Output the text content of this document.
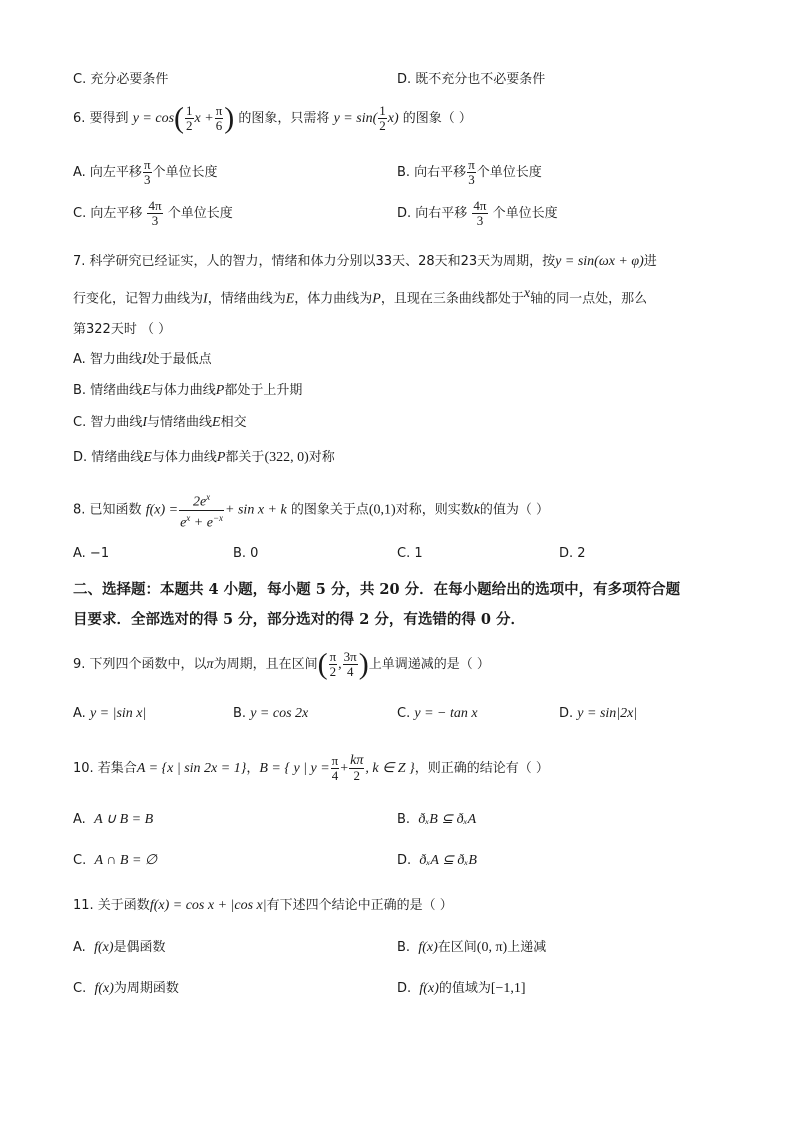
C. 充分必要条件	D. 既不充分也不必要条件
6. 要得到 $y = \cos( \frac{1}{2}$ $x + \frac{\pi}{6}$ ) 的图象，只需将 $y = \sin( \frac{1}{2} x)$ 的图象（ ）
A. 向左平移 $\frac{\pi}{3}$ 个单位长度	B. 向右平移 $\frac{\pi}{3}$ 个单位长度
C. 向左平移 $\frac{4\pi}{3}$ 个单位长度	D. 向右平移 $\frac{4\pi}{3}$ 个单位长度
7. 科学研究已经证实，人的智力，情绪和体力分别以33天、28天和23天为周期，按y = sin(ωx + φ)进
行变化，记智力曲线为I，情绪曲线为E，体力曲线为P，且现在三条曲线都处于$^x$轴的同一点处，那么
第322天时 （ ）
A. 智力曲线I处于最低点
B. 情绪曲线E与体力曲线P都处于上升期
C. 智力曲线I与情绪曲线E相交
D. 情绪曲线E与体力曲线P都关于(322, 0)对称
8. 已知函数 $f(x) = \frac{2e^x}{e^x + e^{-x}} + \sin x + k$ 的图象关于点(0,1)对称，则实数k的值为（ ）
A. −1	B. 0	C. 1	D. 2
二、选择题：本题共 4 小题，每小题 5 分，共 20 分．在每小题给出的选项中，有多项符合题
目要求．全部选对的得 5 分，部分选对的得 2 分，有选错的得 0 分．
9. 下列四个函数中，以π为周期，且在区间( $\frac{\pi}{2}$ , $\frac{3\pi}{4}$ )上单调递减的是（ ）
A. y = |sin x|	B. y = cos 2x	C. y = − tan x	D. y = sin|2x|
10. 若集合A = {x | sin 2x = 1}，B = { y | $y = \frac{\pi}{4} + \frac{k\pi}{2}$ , k ∈ Z }，则正确的结论有（ ）
A. A ∪ B = B	B. ðₓB ⊆ ðₓA
C. A ∩ B = ∅	D. ðₓA ⊆ ðₓB
11. 关于函数f(x) = cos x + |cos x|有下述四个结论中正确的是（ ）
A. f(x)是偶函数	B. f(x)在区间(0, π)上递减
C. f(x)为周期函数	D. f(x)的值域为[−1,1]
